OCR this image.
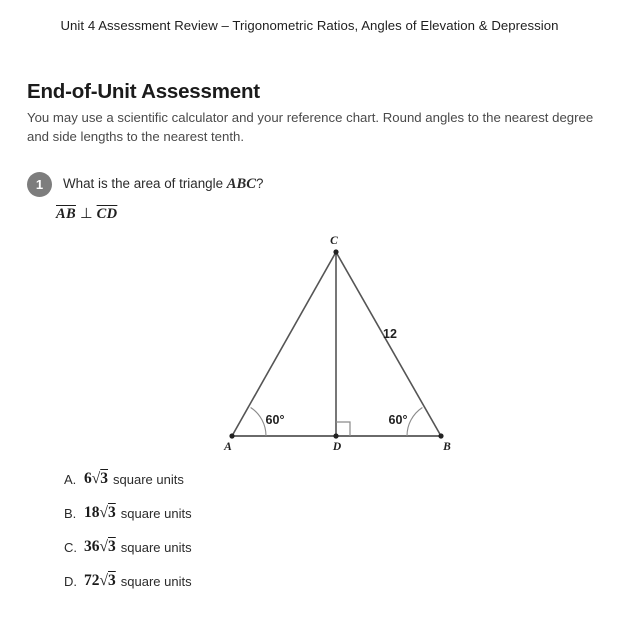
Unit 4 Assessment Review – Trigonometric Ratios, Angles of Elevation & Depression
End-of-Unit Assessment
You may use a scientific calculator and your reference chart. Round angles to the nearest degree and side lengths to the nearest tenth.
1	What is the area of triangle ABC?
$\overline{AB}$ ⊥ $\overline{CD}$
A	B
C
D
12
60°	60°
A. 6√3 square units
B. 18√3 square units
C. 36√3 square units
D. 72√3 square units
